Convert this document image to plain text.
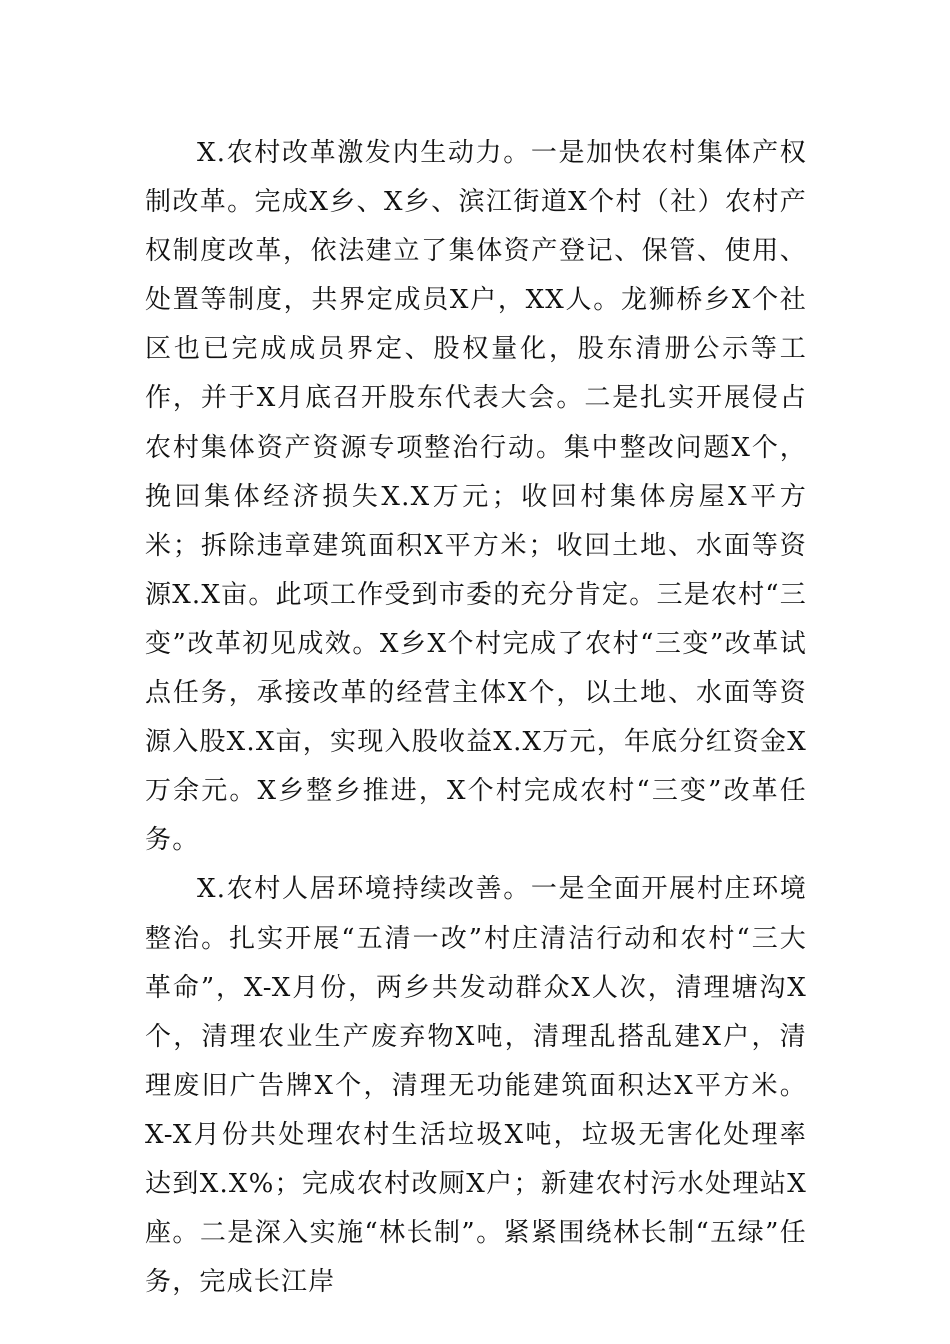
X.农村改革激发内生动力。一是加快农村集体产权制改革。完成X乡、X乡、滨江街道X个村（社）农村产权制度改革，依法建立了集体资产登记、保管、使用、处置等制度，共界定成员X户，XX人。龙狮桥乡X个社区也已完成成员界定、股权量化，股东清册公示等工作，并于X月底召开股东代表大会。二是扎实开展侵占农村集体资产资源专项整治行动。集中整改问题X个，挽回集体经济损失X.X万元；收回村集体房屋X平方米；拆除违章建筑面积X平方米；收回土地、水面等资源X.X亩。此项工作受到市委的充分肯定。三是农村“三变”改革初见成效。X乡X个村完成了农村“三变”改革试点任务，承接改革的经营主体X个，以土地、水面等资源入股X.X亩，实现入股收益X.X万元，年底分红资金X万余元。X乡整乡推进，X个村完成农村“三变”改革任务。

X.农村人居环境持续改善。一是全面开展村庄环境整治。扎实开展“五清一改”村庄清洁行动和农村“三大革命”，X-X月份，两乡共发动群众X人次，清理塘沟X个，清理农业生产废弃物X吨，清理乱搭乱建X户，清理废旧广告牌X个，清理无功能建筑面积达X平方米。X-X月份共处理农村生活垃圾X吨，垃圾无害化处理率达到X.X%；完成农村改厕X户；新建农村污水处理站X座。二是深入实施“林长制”。紧紧围绕林长制“五绿”任务，完成长江岸
